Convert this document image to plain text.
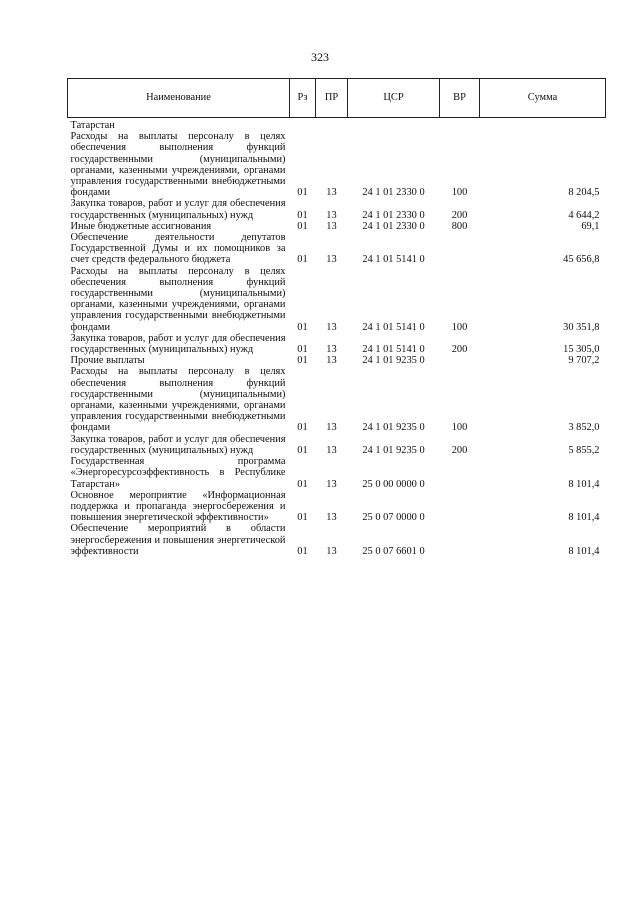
323
Наименование	Рз	ПР	ЦСР	ВР	Сумма
Татарстан					
Расходы на выплаты персоналу в целях обеспечения выполнения функций государственными (муниципальными) органами, казенными учреждениями, органами управления государственными внебюджетными фондами	01	13	24 1 01 2330 0	100	8 204,5
Закупка товаров, работ и услуг для обеспечения государственных (муниципальных) нужд	01	13	24 1 01 2330 0	200	4 644,2
Иные бюджетные ассигнования	01	13	24 1 01 2330 0	800	69,1
Обеспечение деятельности депутатов Государственной Думы и их помощников за счет средств федерального бюджета	01	13	24 1 01 5141 0		45 656,8
Расходы на выплаты персоналу в целях обеспечения выполнения функций государственными (муниципальными) органами, казенными учреждениями, органами управления государственными внебюджетными фондами	01	13	24 1 01 5141 0	100	30 351,8
Закупка товаров, работ и услуг для обеспечения государственных (муниципальных) нужд	01	13	24 1 01 5141 0	200	15 305,0
Прочие выплаты	01	13	24 1 01 9235 0		9 707,2
Расходы на выплаты персоналу в целях обеспечения выполнения функций государственными (муниципальными) органами, казенными учреждениями, органами управления государственными внебюджетными фондами	01	13	24 1 01 9235 0	100	3 852,0
Закупка товаров, работ и услуг для обеспечения государственных (муниципальных) нужд	01	13	24 1 01 9235 0	200	5 855,2
Государственная программа «Энергоресурсоэффективность в Республике Татарстан»	01	13	25 0 00 0000 0		8 101,4
Основное мероприятие «Информационная поддержка и пропаганда энергосбережения и повышения энергетической эффективности»	01	13	25 0 07 0000 0		8 101,4
Обеспечение мероприятий в области энергосбережения и повышения энергетической эффективности	01	13	25 0 07 6601 0		8 101,4
